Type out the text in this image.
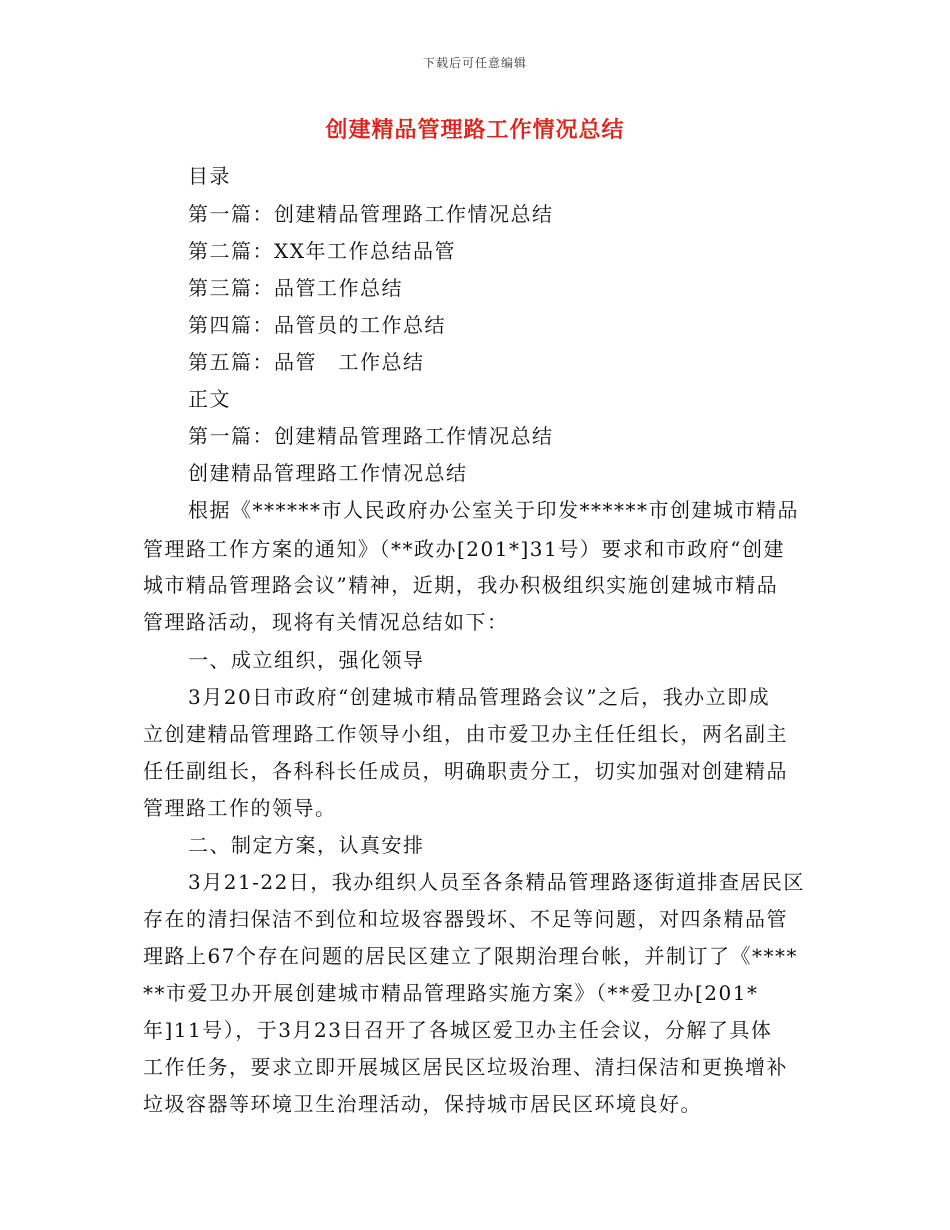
下载后可任意编辑
创建精品管理路工作情况总结
目录
第一篇：创建精品管理路工作情况总结
第二篇：XX年工作总结品管
第三篇：品管工作总结
第四篇：品管员的工作总结
第五篇：品管　工作总结
正文
第一篇：创建精品管理路工作情况总结
创建精品管理路工作情况总结
根据《******市人民政府办公室关于印发******市创建城市精品
管理路工作方案的通知》（**政办[201*]31号）要求和市政府“创建
城市精品管理路会议”精神，近期，我办积极组织实施创建城市精品
管理路活动，现将有关情况总结如下：
一、成立组织，强化领导
3月20日市政府“创建城市精品管理路会议”之后，我办立即成
立创建精品管理路工作领导小组，由市爱卫办主任任组长，两名副主
任任副组长，各科科长任成员，明确职责分工，切实加强对创建精品
管理路工作的领导。
二、制定方案，认真安排
3月21-22日，我办组织人员至各条精品管理路逐街道排查居民区
存在的清扫保洁不到位和垃圾容器毁坏、不足等问题，对四条精品管
理路上67个存在问题的居民区建立了限期治理台帐，并制订了《****
**市爱卫办开展创建城市精品管理路实施方案》（**爱卫办[201*
年]11号），于3月23日召开了各城区爱卫办主任会议，分解了具体
工作任务，要求立即开展城区居民区垃圾治理、清扫保洁和更换增补
垃圾容器等环境卫生治理活动，保持城市居民区环境良好。
